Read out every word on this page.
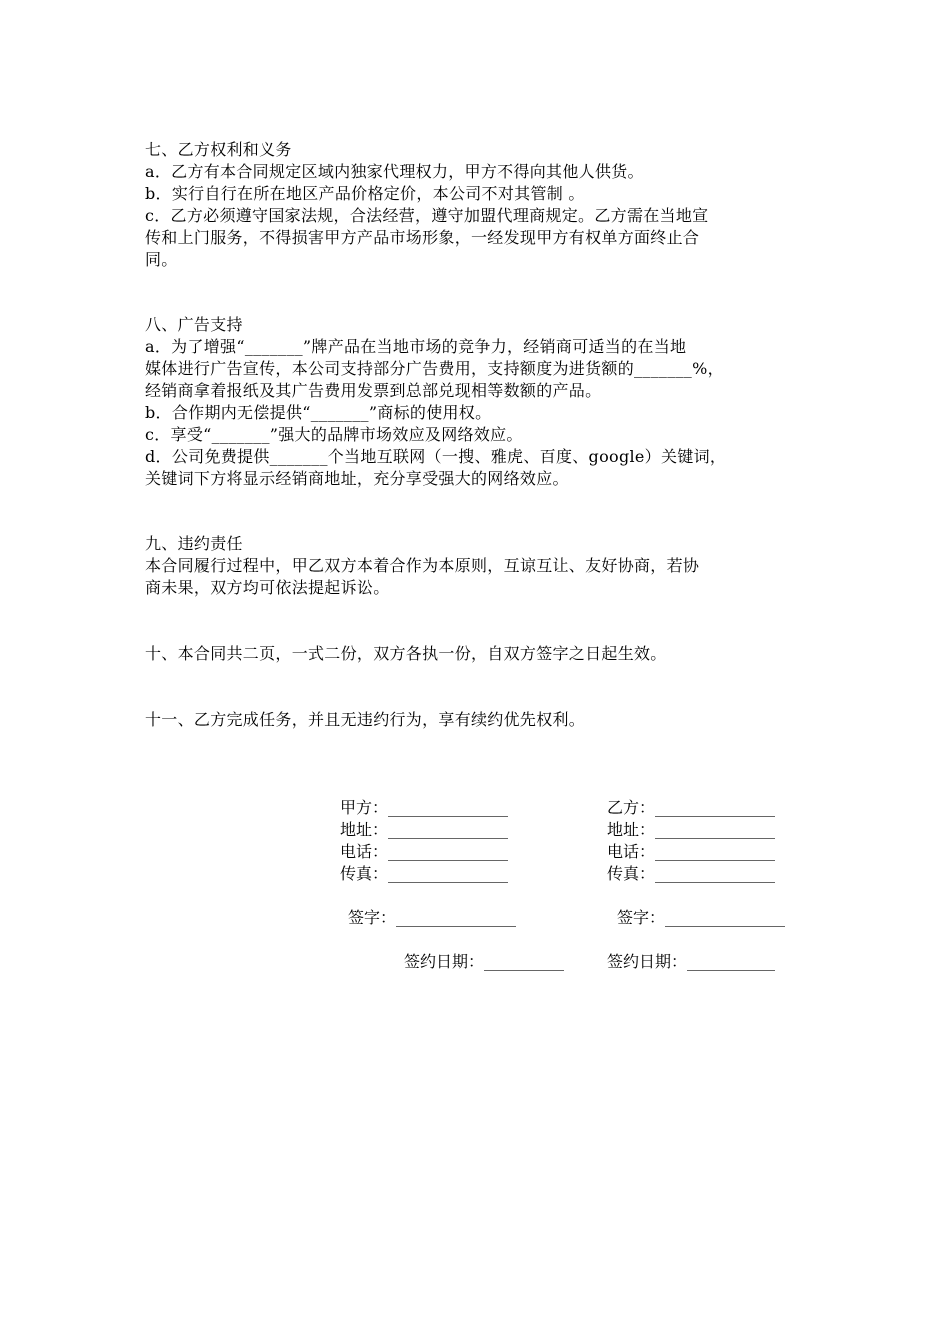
七、乙方权利和义务
a．乙方有本合同规定区域内独家代理权力，甲方不得向其他人供货。
b．实行自行在所在地区产品价格定价，本公司不对其管制 。
c．乙方必须遵守国家法规，合法经营，遵守加盟代理商规定。乙方需在当地宣
传和上门服务，不得损害甲方产品市场形象，一经发现甲方有权单方面终止合
同。
八、广告支持
a．为了增强“_______”牌产品在当地市场的竞争力，经销商可适当的在当地
媒体进行广告宣传，本公司支持部分广告费用，支持额度为进货额的_______%，
经销商拿着报纸及其广告费用发票到总部兑现相等数额的产品。
b．合作期内无偿提供“_______”商标的使用权。
c．享受“_______”强大的品牌市场效应及网络效应。
d．公司免费提供_______个当地互联网（一搜、雅虎、百度、google）关键词，
关键词下方将显示经销商地址，充分享受强大的网络效应。
九、违约责任
本合同履行过程中，甲乙双方本着合作为本原则，互谅互让、友好协商，若协
商未果，双方均可依法提起诉讼。
十、本合同共二页，一式二份，双方各执一份，自双方签字之日起生效。
十一、乙方完成任务，并且无违约行为，享有续约优先权利。
甲方：_______________
地址：_______________
电话：_______________
传真：_______________
签字：_______________
签约日期：__________
乙方：_______________
地址：_______________
电话：_______________
传真：_______________
签字：_______________
签约日期：___________
